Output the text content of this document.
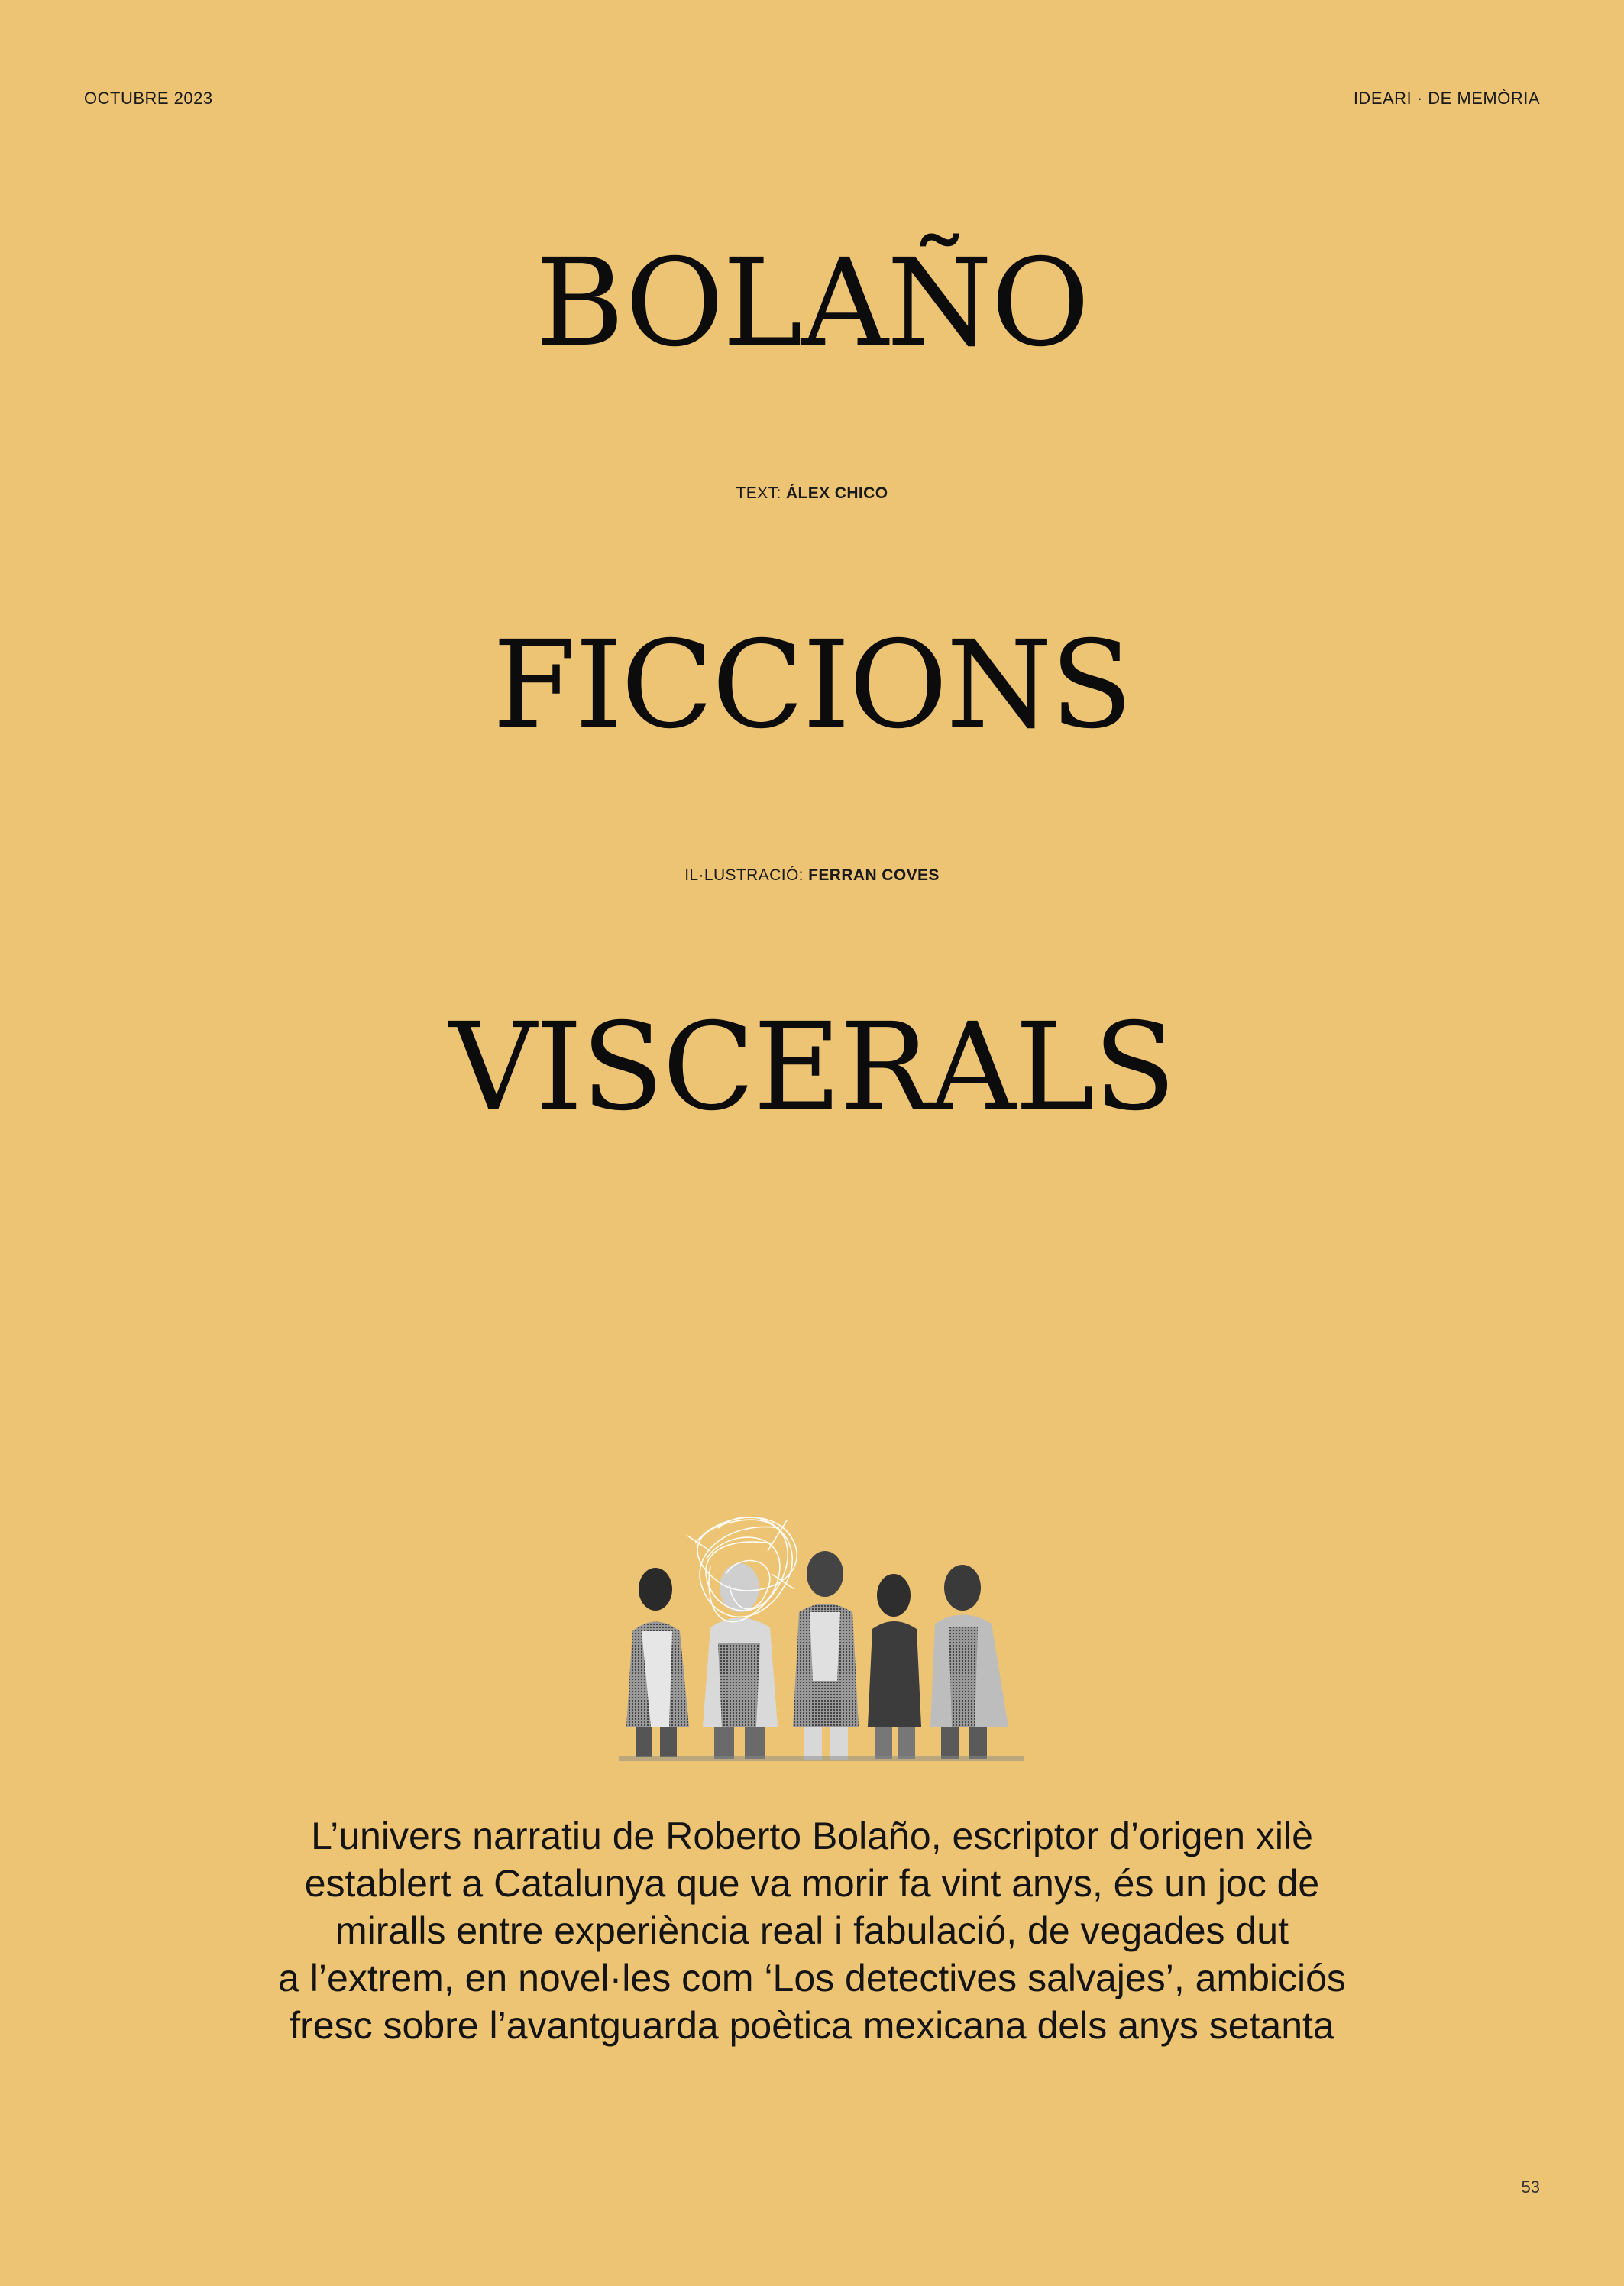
OCTUBRE 2023	IDEARI · DE MEMÒRIA
BOLAÑO
TEXT: ÁLEX CHICO
FICCIONS
IL·LUSTRACIÓ: FERRAN COVES
VISCERALS
L’univers narratiu de Roberto Bolaño, escriptor d’origen xilè
establert a Catalunya que va morir fa vint anys, és un joc de
miralls entre experiència real i fabulació, de vegades dut
a l’extrem, en novel·les com ‘Los detectives salvajes’, ambiciós
fresc sobre l’avantguarda poètica mexicana dels anys setanta
53
